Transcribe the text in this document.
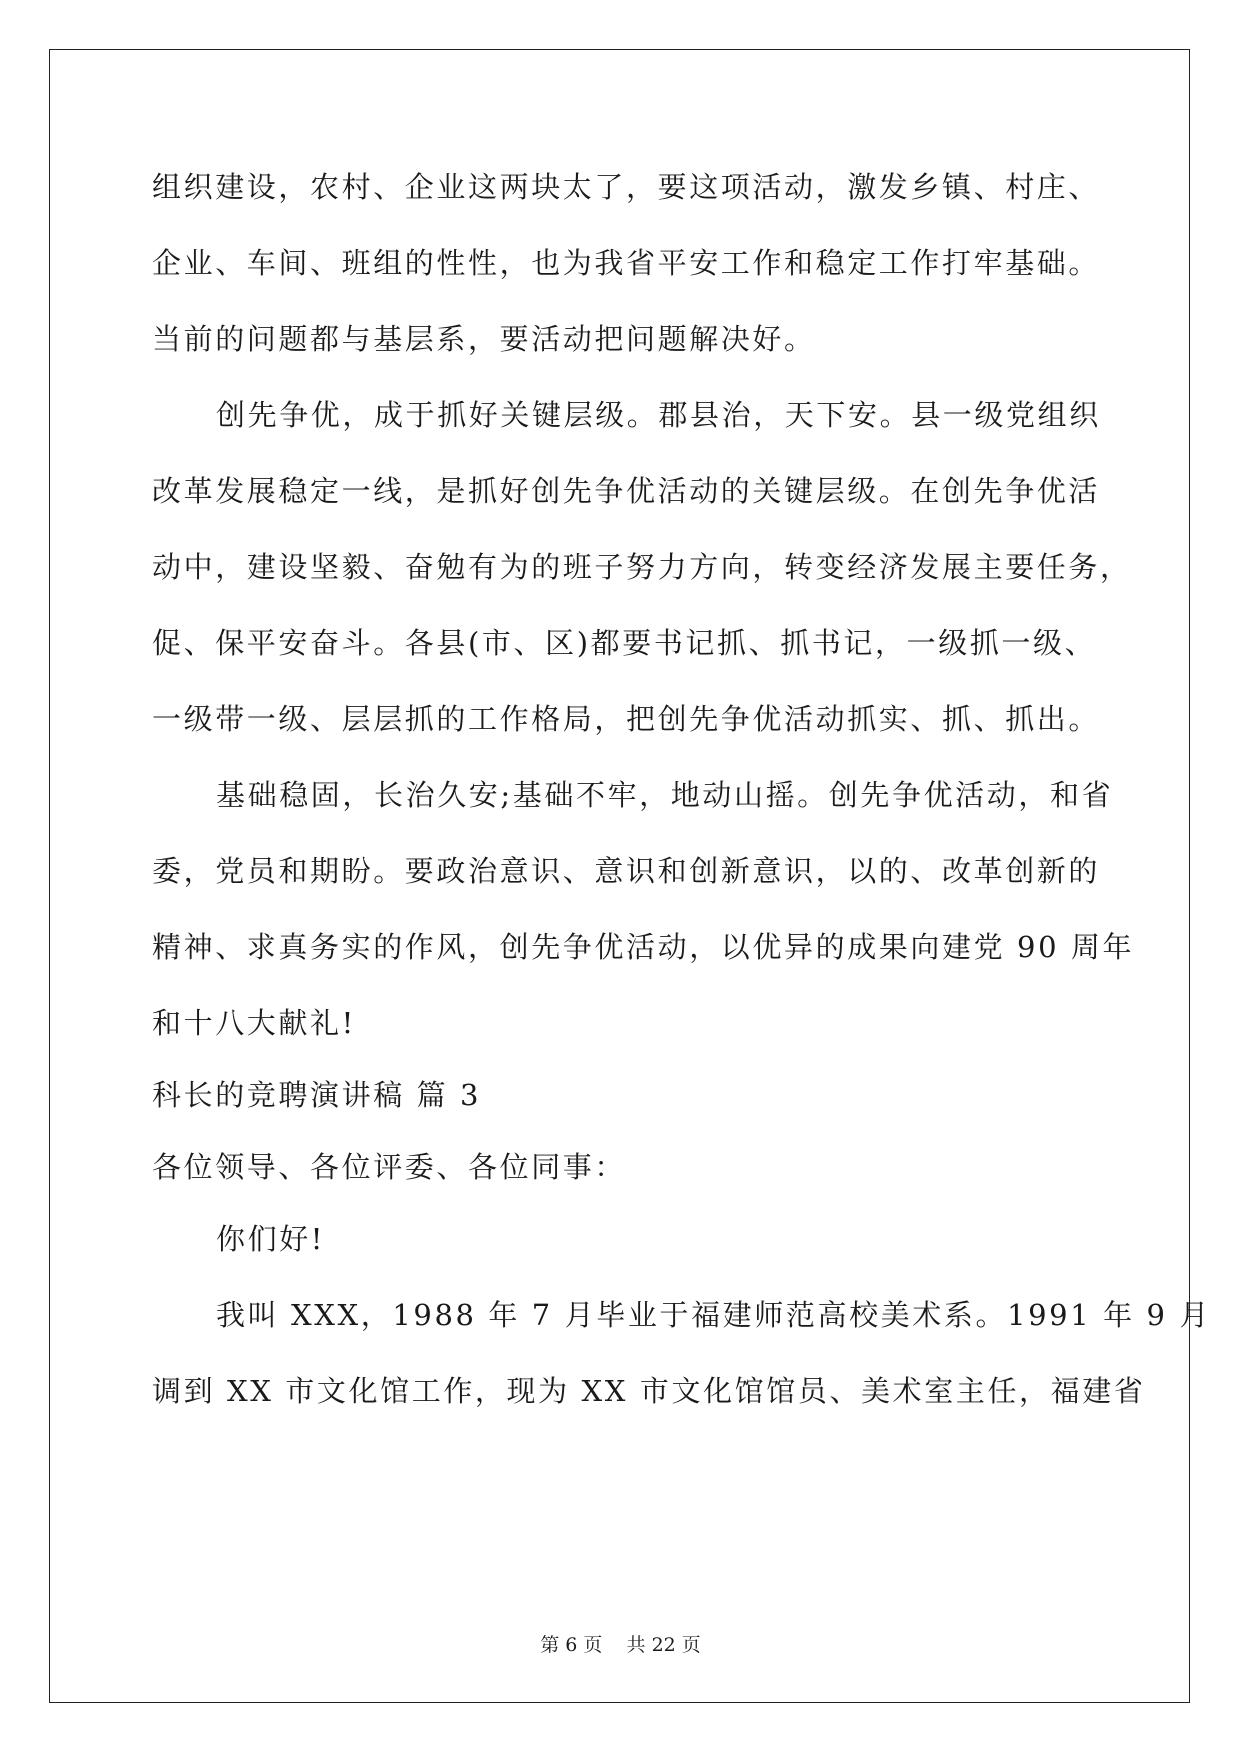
组织建设，农村、企业这两块太了，要这项活动，激发乡镇、村庄、
企业、车间、班组的性性，也为我省平安工作和稳定工作打牢基础。
当前的问题都与基层系，要活动把问题解决好。
创先争优，成于抓好关键层级。郡县治，天下安。县一级党组织
改革发展稳定一线，是抓好创先争优活动的关键层级。在创先争优活
动中，建设坚毅、奋勉有为的班子努力方向，转变经济发展主要任务，
促、保平安奋斗。各县(市、区)都要书记抓、抓书记，一级抓一级、
一级带一级、层层抓的工作格局，把创先争优活动抓实、抓、抓出。
基础稳固，长治久安;基础不牢，地动山摇。创先争优活动，和省
委，党员和期盼。要政治意识、意识和创新意识，以的、改革创新的
精神、求真务实的作风，创先争优活动，以优异的成果向建党 90 周年
和十八大献礼!
科长的竞聘演讲稿 篇 3
各位领导、各位评委、各位同事：
你们好!
我叫 XXX，1988 年 7 月毕业于福建师范高校美术系。1991 年 9 月
调到 XX 市文化馆工作，现为 XX 市文化馆馆员、美术室主任，福建省
第 6 页    共 22 页
